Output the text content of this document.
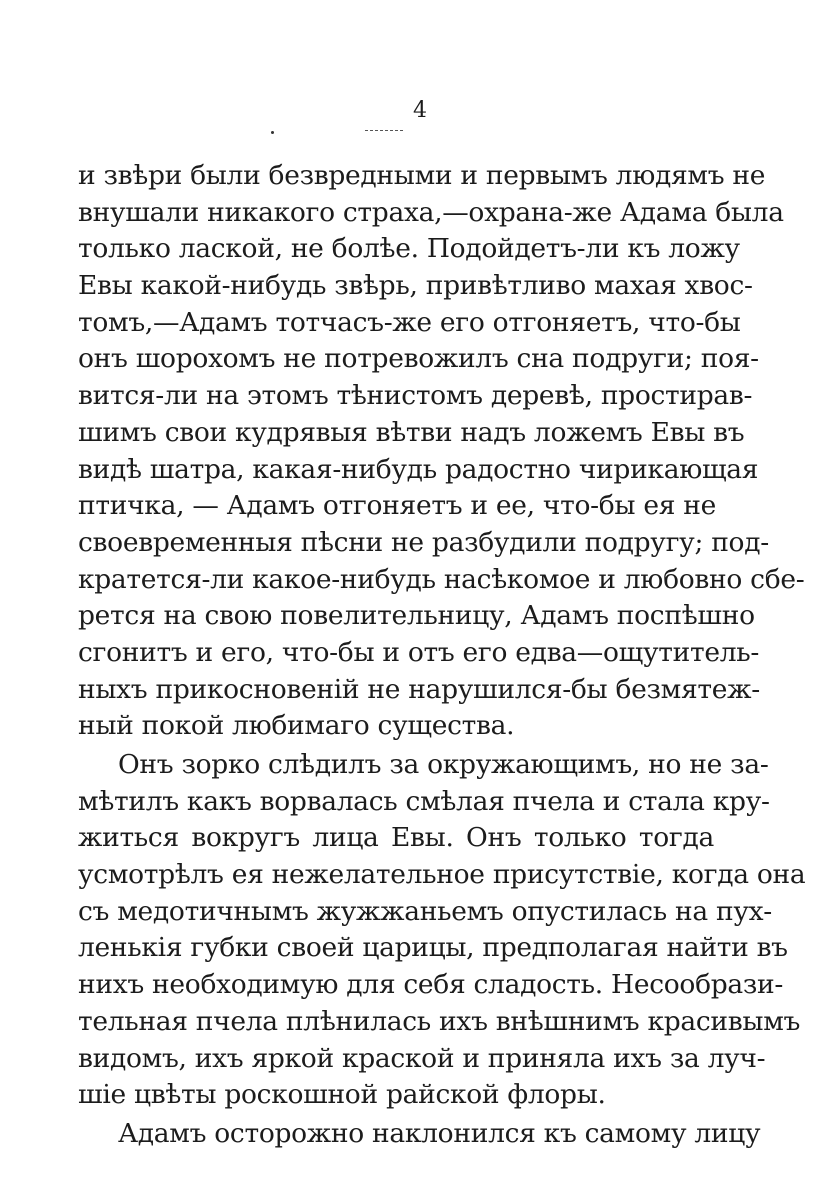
4
и звѣри были безвредными и первымъ людямъ не
внушали никакого страха,—охрана-же Адама была
только лаской, не болѣе. Подойдетъ-ли къ ложу
Евы какой-нибудь звѣрь, привѣтливо махая хвос-
томъ,—Адамъ тотчасъ-же его отгоняетъ, что-бы
онъ шорохомъ не потревожилъ сна подруги; поя-
вится-ли на этомъ тѣнистомъ деревѣ, простирав-
шимъ свои кудрявыя вѣтви надъ ложемъ Евы въ
видѣ шатра, какая-нибудь радостно чирикающая
птичка, — Адамъ отгоняетъ и ее, что-бы ея не
своевременныя пѣсни не разбудили подругу; под-
кратется-ли какое-нибудь насѣкомое и любовно сбе-
рется на свою повелительницу, Адамъ поспѣшно
сгонитъ и его, что-бы и отъ его едва—ощутитель-
ныхъ прикосновеній не нарушился-бы безмятеж-
ный покой любимаго существа.
Онъ зорко слѣдилъ за окружающимъ, но не за-
мѣтилъ какъ ворвалась смѣлая пчела и стала кру-
житься вокругъ лица Евы. Онъ только тогда
усмотрѣлъ ея нежелательное присутствіе, когда она
съ медотичнымъ жужжаньемъ опустилась на пух-
ленькія губки своей царицы, предполагая найти въ
нихъ необходимую для себя сладость. Несообрази-
тельная пчела плѣнилась ихъ внѣшнимъ красивымъ
видомъ, ихъ яркой краской и приняла ихъ за луч-
шіе цвѣты роскошной райской флоры.
Адамъ осторожно наклонился къ самому лицу
